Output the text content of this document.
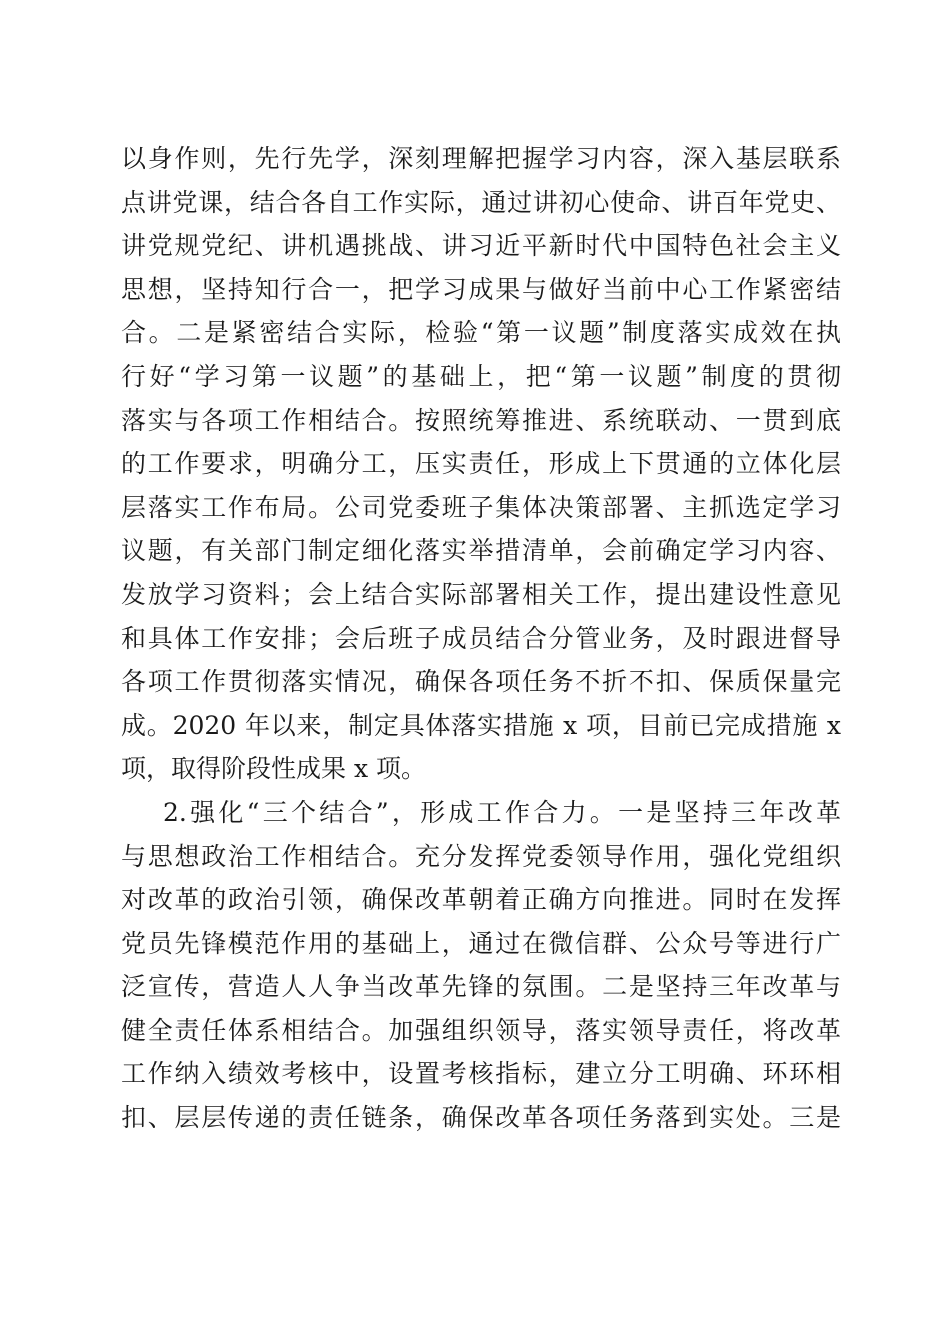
以身作则，先行先学，深刻理解把握学习内容，深入基层联系
点讲党课，结合各自工作实际，通过讲初心使命、讲百年党史、
讲党规党纪、讲机遇挑战、讲习近平新时代中国特色社会主义
思想，坚持知行合一，把学习成果与做好当前中心工作紧密结
合。二是紧密结合实际，检验“第一议题”制度落实成效在执
行好“学习第一议题”的基础上，把“第一议题”制度的贯彻
落实与各项工作相结合。按照统筹推进、系统联动、一贯到底
的工作要求，明确分工，压实责任，形成上下贯通的立体化层
层落实工作布局。公司党委班子集体决策部署、主抓选定学习
议题，有关部门制定细化落实举措清单，会前确定学习内容、
发放学习资料；会上结合实际部署相关工作，提出建设性意见
和具体工作安排；会后班子成员结合分管业务，及时跟进督导
各项工作贯彻落实情况，确保各项任务不折不扣、保质保量完
成。2020 年以来，制定具体落实措施 x 项，目前已完成措施 x
项，取得阶段性成果 x 项。
2.强化“三个结合”，形成工作合力。一是坚持三年改革
与思想政治工作相结合。充分发挥党委领导作用，强化党组织
对改革的政治引领，确保改革朝着正确方向推进。同时在发挥
党员先锋模范作用的基础上，通过在微信群、公众号等进行广
泛宣传，营造人人争当改革先锋的氛围。二是坚持三年改革与
健全责任体系相结合。加强组织领导，落实领导责任，将改革
工作纳入绩效考核中，设置考核指标，建立分工明确、环环相
扣、层层传递的责任链条，确保改革各项任务落到实处。三是
